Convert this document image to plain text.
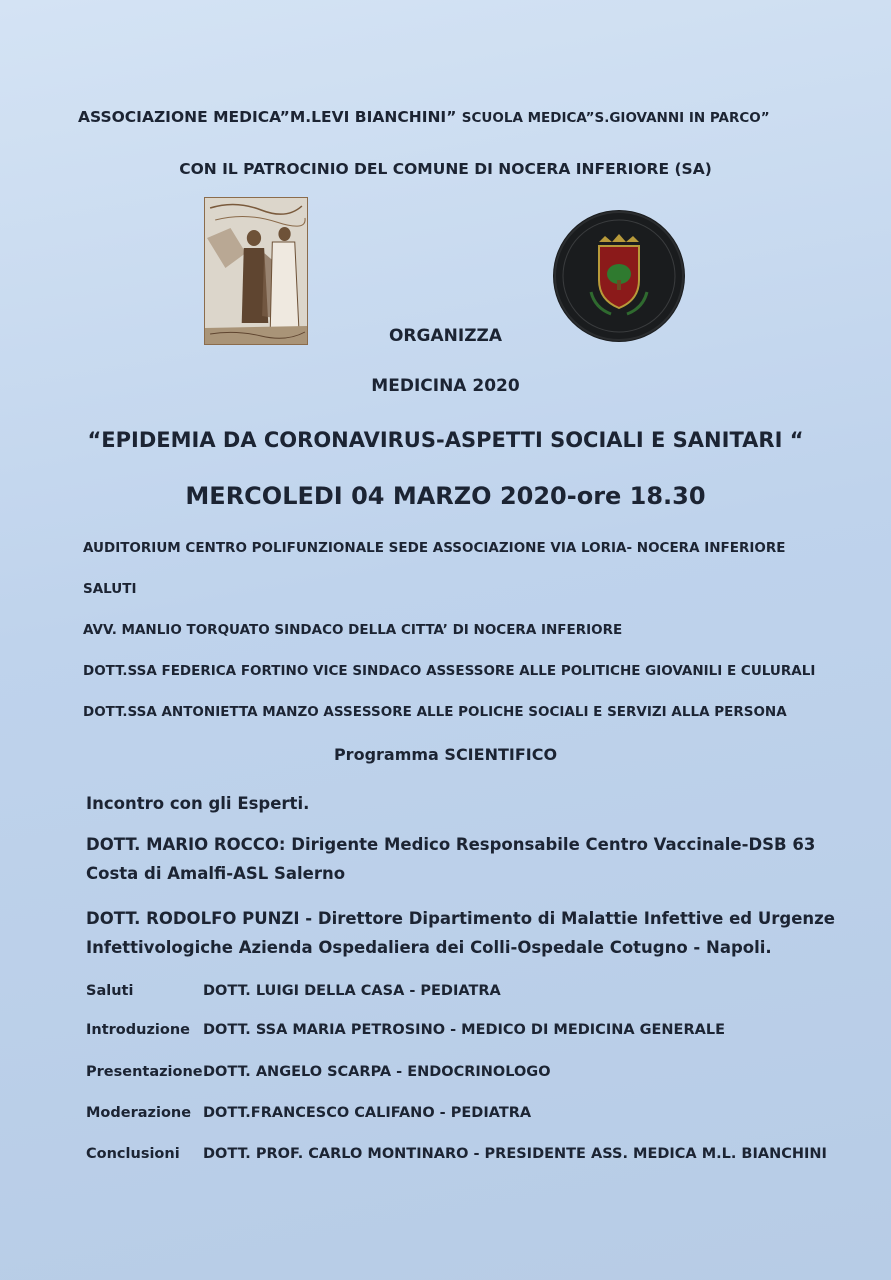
ASSOCIAZIONE MEDICA”M.LEVI BIANCHINI” SCUOLA MEDICA”S.GIOVANNI IN PARCO”
CON IL PATROCINIO DEL COMUNE DI NOCERA INFERIORE (SA)
ORGANIZZA
MEDICINA 2020
“EPIDEMIA DA CORONAVIRUS-ASPETTI SOCIALI E SANITARI “
MERCOLEDI 04 MARZO 2020-ore 18.30
AUDITORIUM CENTRO POLIFUNZIONALE SEDE ASSOCIAZIONE VIA LORIA- NOCERA INFERIORE
SALUTI
AVV. MANLIO TORQUATO SINDACO DELLA CITTA’ DI NOCERA INFERIORE
DOTT.SSA FEDERICA FORTINO VICE SINDACO ASSESSORE ALLE POLITICHE GIOVANILI E CULURALI
DOTT.SSA ANTONIETTA MANZO ASSESSORE ALLE POLICHE SOCIALI E SERVIZI ALLA PERSONA
Programma SCIENTIFICO
Incontro con gli Esperti.
DOTT. MARIO ROCCO: Dirigente Medico Responsabile Centro Vaccinale-DSB 63
Costa di Amalfi-ASL Salerno
DOTT. RODOLFO PUNZI - Direttore Dipartimento di Malattie Infettive ed Urgenze
Infettivologiche Azienda Ospedaliera dei Colli-Ospedale Cotugno - Napoli.
Saluti	DOTT. LUIGI DELLA CASA - PEDIATRA
Introduzione DOTT. SSA MARIA PETROSINO - MEDICO DI MEDICINA GENERALE
Presentazione DOTT. ANGELO SCARPA - ENDOCRINOLOGO
Moderazione DOTT.FRANCESCO CALIFANO - PEDIATRA
Conclusioni DOTT. PROF. CARLO MONTINARO - PRESIDENTE ASS. MEDICA M.L. BIANCHINI
